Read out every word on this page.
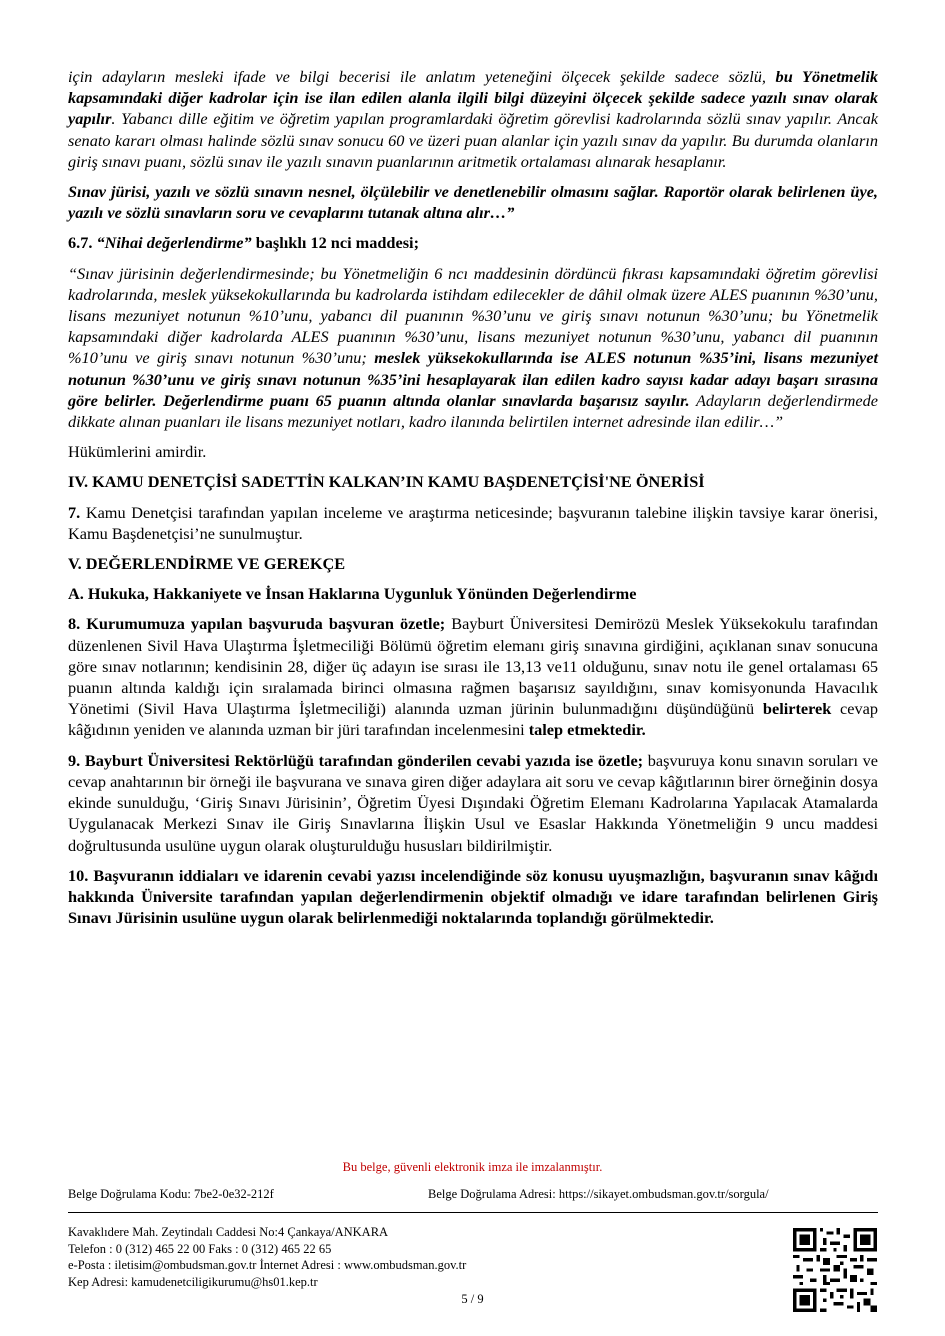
için adayların mesleki ifade ve bilgi becerisi ile anlatım yeteneğini ölçecek şekilde sadece sözlü, bu Yönetmelik kapsamındaki diğer kadrolar için ise ilan edilen alanla ilgili bilgi düzeyini ölçecek şekilde sadece yazılı sınav olarak yapılır. Yabancı dille eğitim ve öğretim yapılan programlardaki öğretim görevlisi kadrolarında sözlü sınav yapılır. Ancak senato kararı olması halinde sözlü sınav sonucu 60 ve üzeri puan alanlar için yazılı sınav da yapılır. Bu durumda olanların giriş sınavı puanı, sözlü sınav ile yazılı sınavın puanlarının aritmetik ortalaması alınarak hesaplanır.

Sınav jürisi, yazılı ve sözlü sınavın nesnel, ölçülebilir ve denetlenebilir olmasını sağlar. Raportör olarak belirlenen üye, yazılı ve sözlü sınavların soru ve cevaplarını tutanak altına alır…”

6.7. “Nihai değerlendirme” başlıklı 12 nci maddesi;

“Sınav jürisinin değerlendirmesinde; bu Yönetmeliğin 6 ncı maddesinin dördüncü fıkrası kapsamındaki öğretim görevlisi kadrolarında, meslek yüksekokullarında bu kadrolarda istihdam edilecekler de dâhil olmak üzere ALES puanının %30’unu, lisans mezuniyet notunun %10’unu, yabancı dil puanının %30’unu ve giriş sınavı notunun %30’unu; bu Yönetmelik kapsamındaki diğer kadrolarda ALES puanının %30’unu, lisans mezuniyet notunun %30’unu, yabancı dil puanının %10’unu ve giriş sınavı notunun %30’unu; meslek yüksekokullarında ise ALES notunun %35’ini, lisans mezuniyet notunun %30’unu ve giriş sınavı notunun %35’ini hesaplayarak ilan edilen kadro sayısı kadar adayı başarı sırasına göre belirler. Değerlendirme puanı 65 puanın altında olanlar sınavlarda başarısız sayılır. Adayların değerlendirmede dikkate alınan puanları ile lisans mezuniyet notları, kadro ilanında belirtilen internet adresinde ilan edilir…”

Hükümlerini amirdir.

IV. KAMU DENETÇİSİ SADETTİN KALKAN’IN KAMU BAŞDENETÇİSİ'NE ÖNERİSİ

7. Kamu Denetçisi tarafından yapılan inceleme ve araştırma neticesinde; başvuranın talebine ilişkin tavsiye karar önerisi, Kamu Başdenetçisi’ne sunulmuştur.

V. DEĞERLENDİRME VE GEREKÇE

A. Hukuka, Hakkaniyete ve İnsan Haklarına Uygunluk Yönünden Değerlendirme

8. Kurumumuza yapılan başvuruda başvuran özetle; Bayburt Üniversitesi Demirözü Meslek Yüksekokulu tarafından düzenlenen Sivil Hava Ulaştırma İşletmeciliği Bölümü öğretim elemanı giriş sınavına girdiğini, açıklanan sınav sonucuna göre sınav notlarının; kendisinin 28, diğer üç adayın ise sırası ile 13,13 ve11 olduğunu, sınav notu ile genel ortalaması 65 puanın altında kaldığı için sıralamada birinci olmasına rağmen başarısız sayıldığını, sınav komisyonunda Havacılık Yönetimi (Sivil Hava Ulaştırma İşletmeciliği) alanında uzman jürinin bulunmadığını düşündüğünü belirterek cevap kâğıdının yeniden ve alanında uzman bir jüri tarafından incelenmesini talep etmektedir.

9. Bayburt Üniversitesi Rektörlüğü tarafından gönderilen cevabi yazıda ise özetle; başvuruya konu sınavın soruları ve cevap anahtarının bir örneği ile başvurana ve sınava giren diğer adaylara ait soru ve cevap kâğıtlarının birer örneğinin dosya ekinde sunulduğu, ‘Giriş Sınavı Jürisinin’, Öğretim Üyesi Dışındaki Öğretim Elemanı Kadrolarına Yapılacak Atamalarda Uygulanacak Merkezi Sınav ile Giriş Sınavlarına İlişkin Usul ve Esaslar Hakkında Yönetmeliğin 9 uncu maddesi doğrultusunda usulüne uygun olarak oluşturulduğu hususları bildirilmiştir.

10. Başvuranın iddiaları ve idarenin cevabi yazısı incelendiğinde söz konusu uyuşmazlığın, başvuranın sınav kâğıdı hakkında Üniversite tarafından yapılan değerlendirmenin objektif olmadığı ve idare tarafından belirlenen Giriş Sınavı Jürisinin usulüne uygun olarak belirlenmediği noktalarında toplandığı görülmektedir.

Bu belge, güvenli elektronik imza ile imzalanmıştır.
Belge Doğrulama Kodu: 7be2-0e32-212f	Belge Doğrulama Adresi: https://sikayet.ombudsman.gov.tr/sorgula/
Kavaklıdere Mah. Zeytindalı Caddesi No:4 Çankaya/ANKARA
Telefon : 0 (312) 465 22 00 Faks : 0 (312) 465 22 65
e-Posta : iletisim@ombudsman.gov.tr İnternet Adresi : www.ombudsman.gov.tr
Kep Adresi: kamudenetciligikurumu@hs01.kep.tr
5 / 9
